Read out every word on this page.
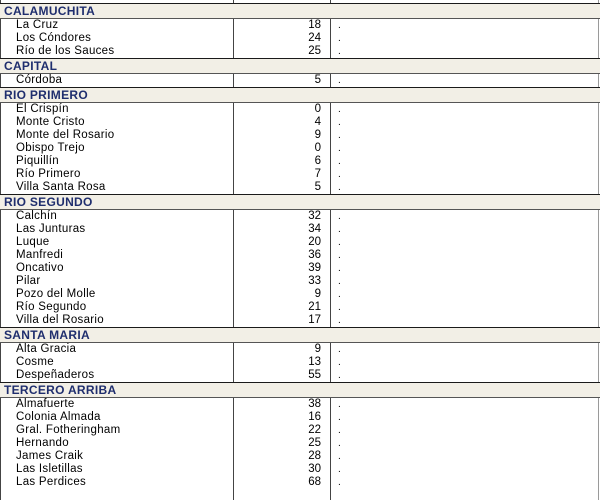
CALAMUCHITA
La Cruz	18 .
Los Cóndores	24 .
Río de los Sauces	25 .
CAPITAL
Córdoba	5 .
RIO PRIMERO
El Crispín	0 .
Monte Cristo	4 .
Monte del Rosario	9 .
Obispo Trejo	0 .
Piquillín	6 .
Río Primero	7 .
Villa Santa Rosa	5 .
RIO SEGUNDO
Calchín	32 .
Las Junturas	34 .
Luque	20 .
Manfredi	36 .
Oncativo	39 .
Pilar	33 .
Pozo del Molle	9 .
Río Segundo	21 .
Villa del Rosario	17 .
SANTA MARIA
Alta Gracia	9 .
Cosme	13 .
Despeñaderos	55 .
TERCERO ARRIBA
Almafuerte	38 .
Colonia Almada	16 .
Gral. Fotheringham	22 .
Hernando	25 .
James Craik	28 .
Las Isletillas	30 .
Las Perdices	68 .
